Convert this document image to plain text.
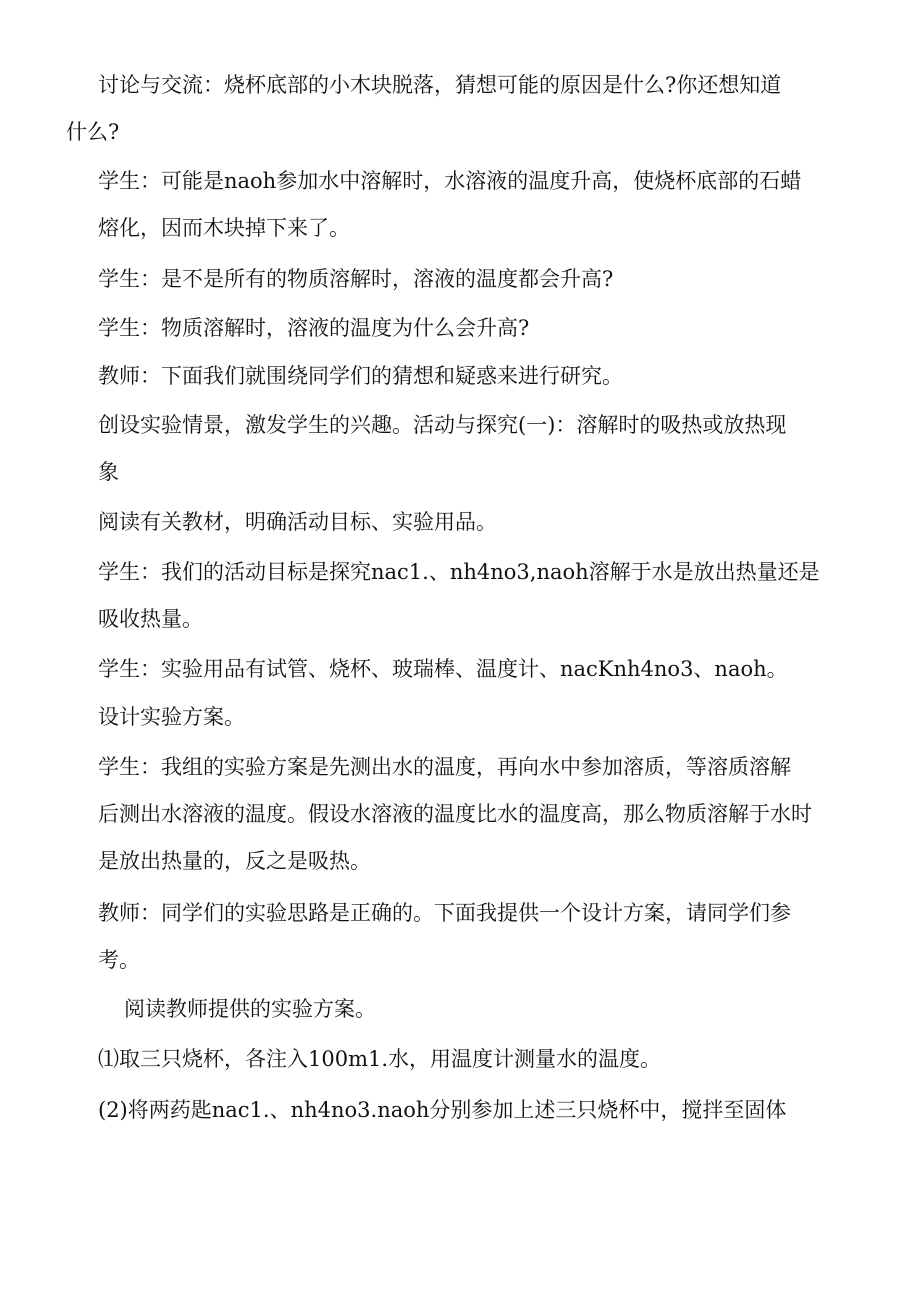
讨论与交流：烧杯底部的小木块脱落，猜想可能的原因是什么?你还想知道
什么?

学生：可能是naoh参加水中溶解时，水溶液的温度升高，使烧杯底部的石蜡
熔化，因而木块掉下来了。

学生：是不是所有的物质溶解时，溶液的温度都会升高?

学生：物质溶解时，溶液的温度为什么会升高?

教师：下面我们就围绕同学们的猜想和疑惑来进行研究。

创设实验情景，激发学生的兴趣。活动与探究(一)：溶解时的吸热或放热现
象

阅读有关教材，明确活动目标、实验用品。

学生：我们的活动目标是探究nac1.、nh4no3,naoh溶解于水是放出热量还是
吸收热量。

学生：实验用品有试管、烧杯、玻瑞棒、温度计、nacKnh4no3、naoh。

设计实验方案。

学生：我组的实验方案是先测出水的温度，再向水中参加溶质，等溶质溶解
后测出水溶液的温度。假设水溶液的温度比水的温度高，那么物质溶解于水时
是放出热量的，反之是吸热。

教师：同学们的实验思路是正确的。下面我提供一个设计方案，请同学们参
考。

阅读教师提供的实验方案。

⑴取三只烧杯，各注入100m1.水，用温度计测量水的温度。

(2)将两药匙nac1.、nh4no3.naoh分别参加上述三只烧杯中，搅拌至固体
